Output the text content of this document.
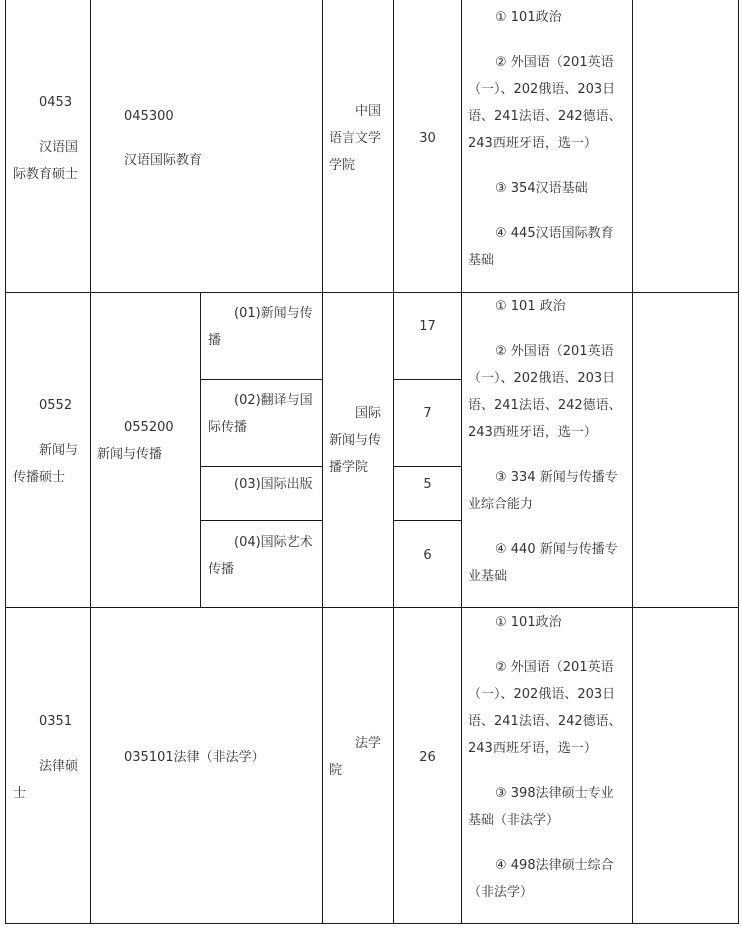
0453
汉语国
际教育硕士
045300
汉语国际教育
中国
语言文学
学院
30
① 101政治
② 外国语（201英语
（一）、202俄语、203日
语、241法语、242德语、
243西班牙语，选一）
③ 354汉语基础
④ 445汉语国际教育
基础
0552
新闻与
传播硕士
055200
新闻与传播
(01)新闻与传
播
(02)翻译与国
际传播
(03)国际出版
(04)国际艺术
传播
国际
新闻与传
播学院
17
7
5
6
① 101 政治
② 外国语（201英语
（一）、202俄语、203日
语、241法语、242德语、
243西班牙语，选一）
③ 334 新闻与传播专
业综合能力
④ 440 新闻与传播专
业基础
0351
法律硕
士
035101法律（非法学）
法学
院
26
① 101政治
② 外国语（201英语
（一）、202俄语、203日
语、241法语、242德语、
243西班牙语，选一）
③ 398法律硕士专业
基础（非法学）
④ 498法律硕士综合
（非法学）
